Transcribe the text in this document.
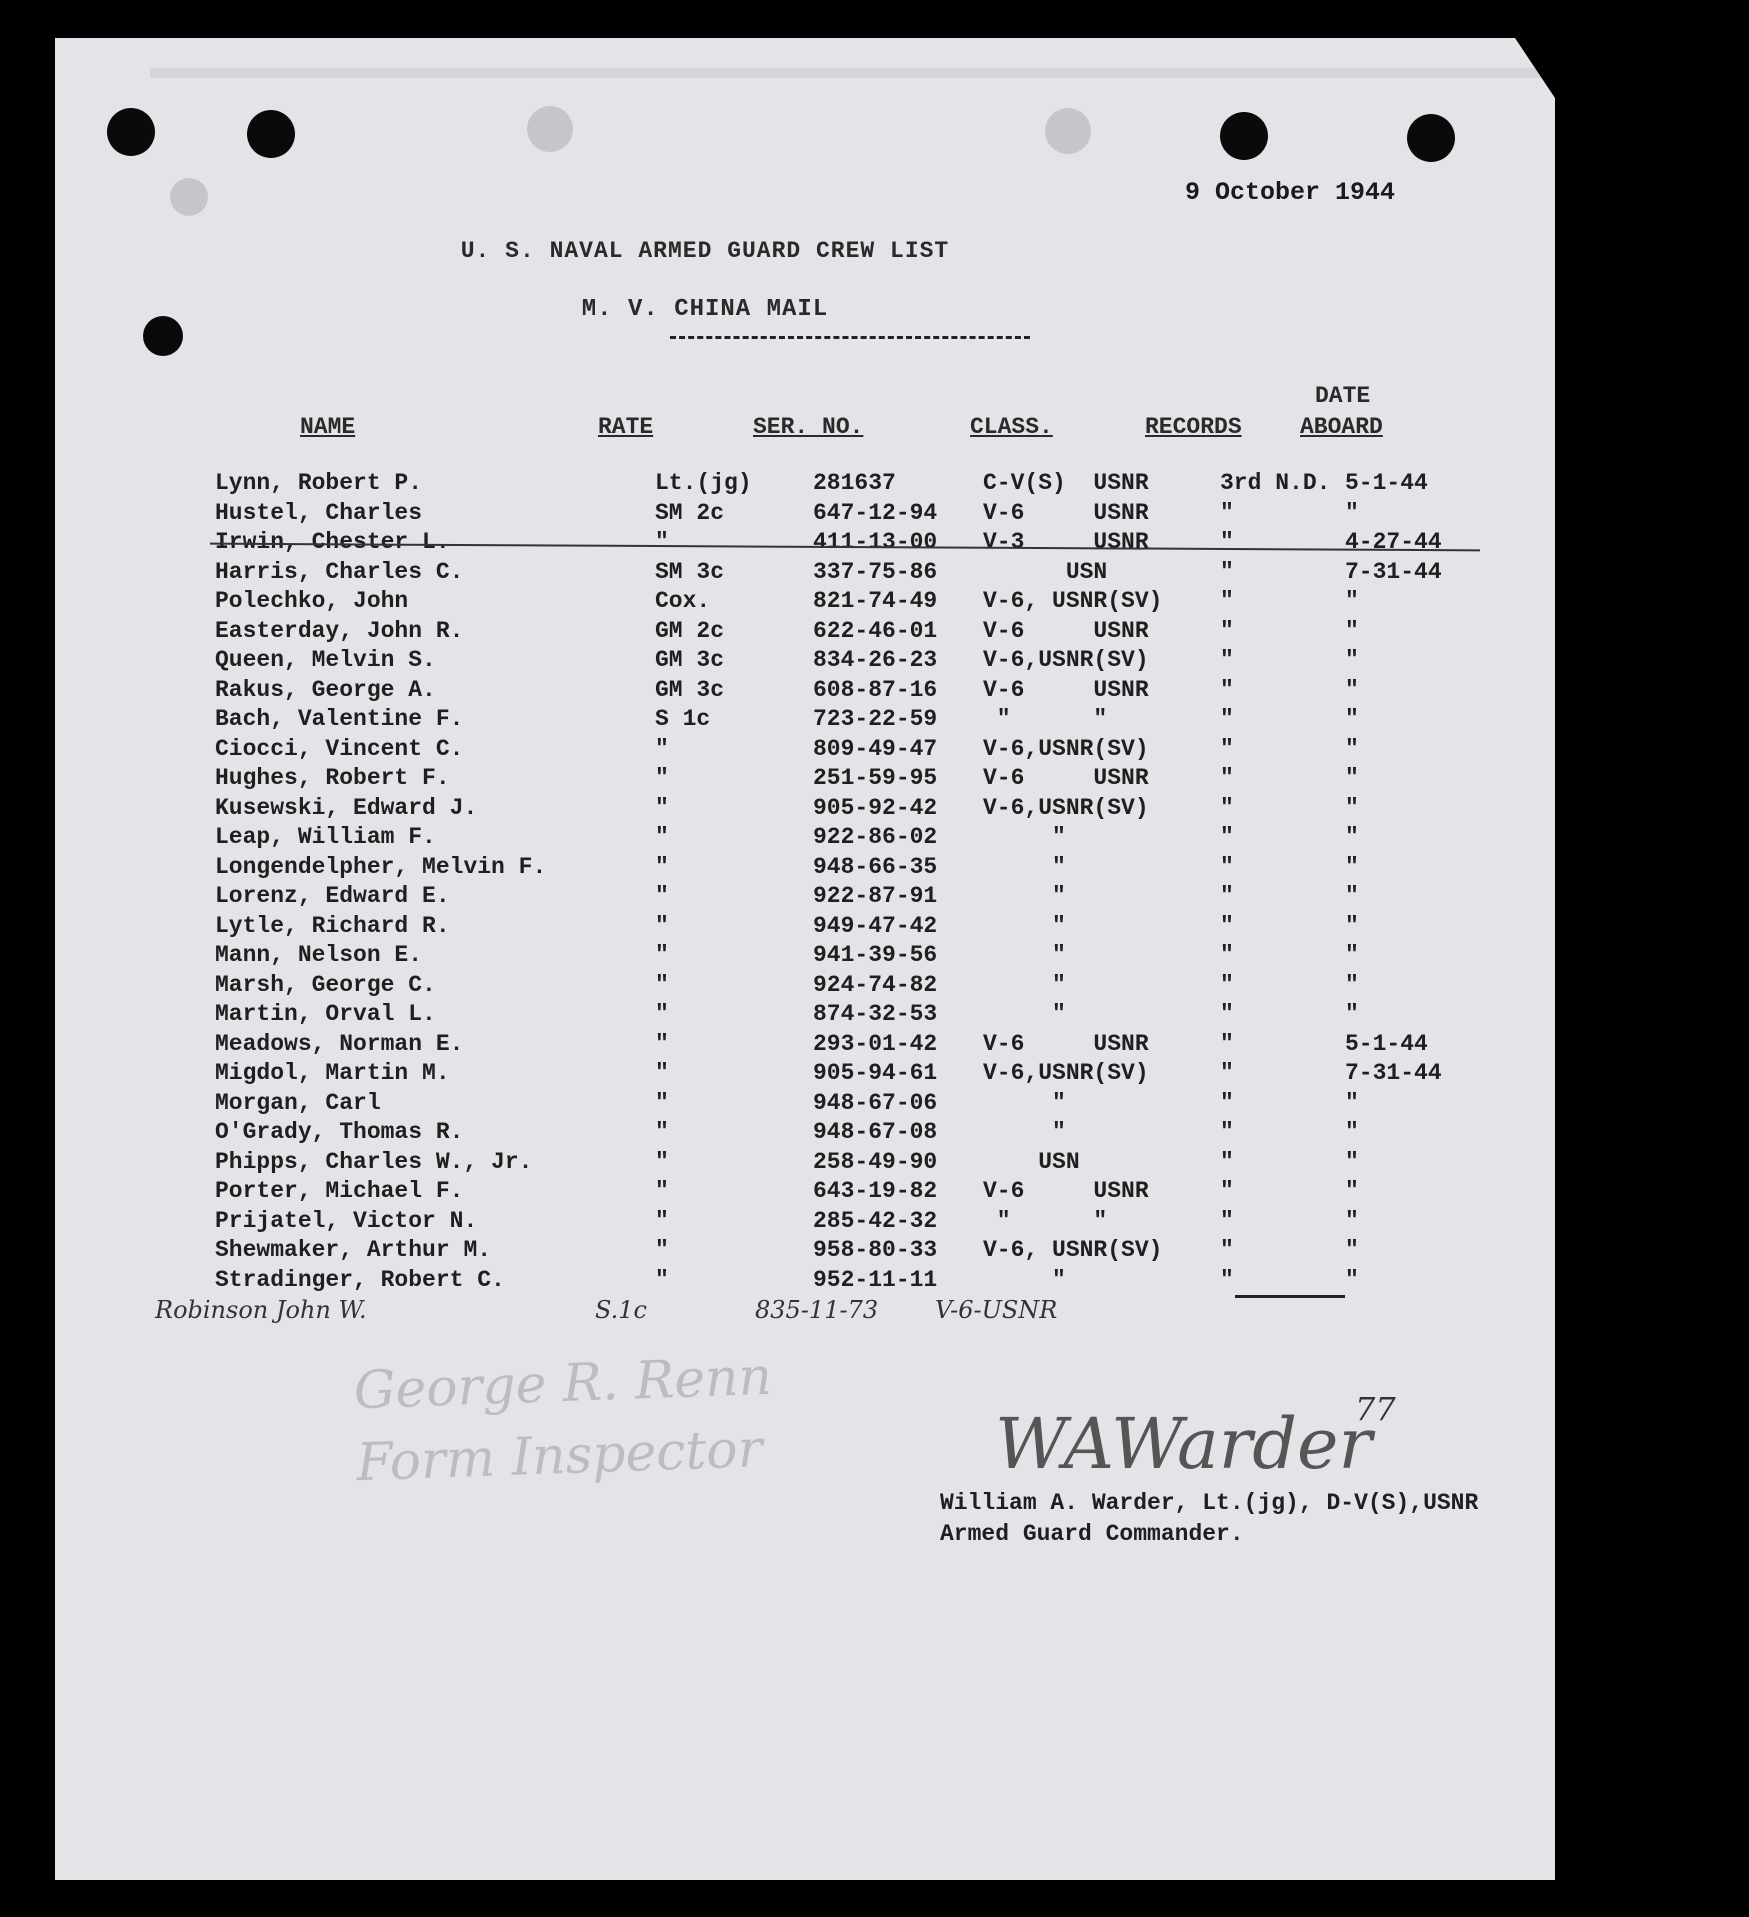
9 October 1944
U. S. NAVAL ARMED GUARD CREW LIST
M. V. CHINA MAIL
NAME	RATE	SER. NO.	CLASS.	RECORDS
DATE
ABOARD
Lynn, Robert P.	Lt.(jg)	281637	C-V(S)  USNR	3rd N.D. 5-1-44
Hustel, Charles	SM 2c	647-12-94 V-6     USNR	"	"
Irwin, Chester L.	"	411-13-00 V-3     USNR	"	4-27-44
Harris, Charles C.	SM 3c	337-75-86 USN	"	7-31-44
Polechko, John	Cox.	821-74-49 V-6, USNR(SV)	"	"
Easterday, John R.	GM 2c	622-46-01 V-6     USNR	"	"
Queen, Melvin S.	GM 3c	834-26-23 V-6,USNR(SV)	"	"
Rakus, George A.	GM 3c	608-87-16 V-6     USNR	"	"
Bach, Valentine F.	S 1c	723-22-59 "      "	"	"
Ciocci, Vincent C.	"	809-49-47 V-6,USNR(SV)	"	"
Hughes, Robert F.	"	251-59-95 V-6     USNR	"	"
Kusewski, Edward J.	"	905-92-42 V-6,USNR(SV)	"	"
Leap, William F.	"	922-86-02 "	"	"
Longendelpher, Melvin F.	"	948-66-35 "	"	"
Lorenz, Edward E.	"	922-87-91 "	"	"
Lytle, Richard R.	"	949-47-42 "	"	"
Mann, Nelson E.	"	941-39-56 "	"	"
Marsh, George C.	"	924-74-82 "	"	"
Martin, Orval L.	"	874-32-53 "	"	"
Meadows, Norman E.	"	293-01-42 V-6     USNR	"	5-1-44
Migdol, Martin M.	"	905-94-61 V-6,USNR(SV)	"	7-31-44
Morgan, Carl	"	948-67-06 "	"	"
O'Grady, Thomas R.	"	948-67-08 "	"	"
Phipps, Charles W., Jr.	"	258-49-90 USN	"	"
Porter, Michael F.	"	643-19-82 V-6     USNR	"	"
Prijatel, Victor N.	"	285-42-32 "      "	"	"
Shewmaker, Arthur M.	"	958-80-33 V-6, USNR(SV)	"	"
Stradinger, Robert C.	"	952-11-11 "	"	"
Robinson John W.	S.1c	835-11-73 V-6-USNR
George R. Renn
Form Inspector	WAWarder
77
William A. Warder, Lt.(jg), D-V(S),USNR
Armed Guard Commander.
